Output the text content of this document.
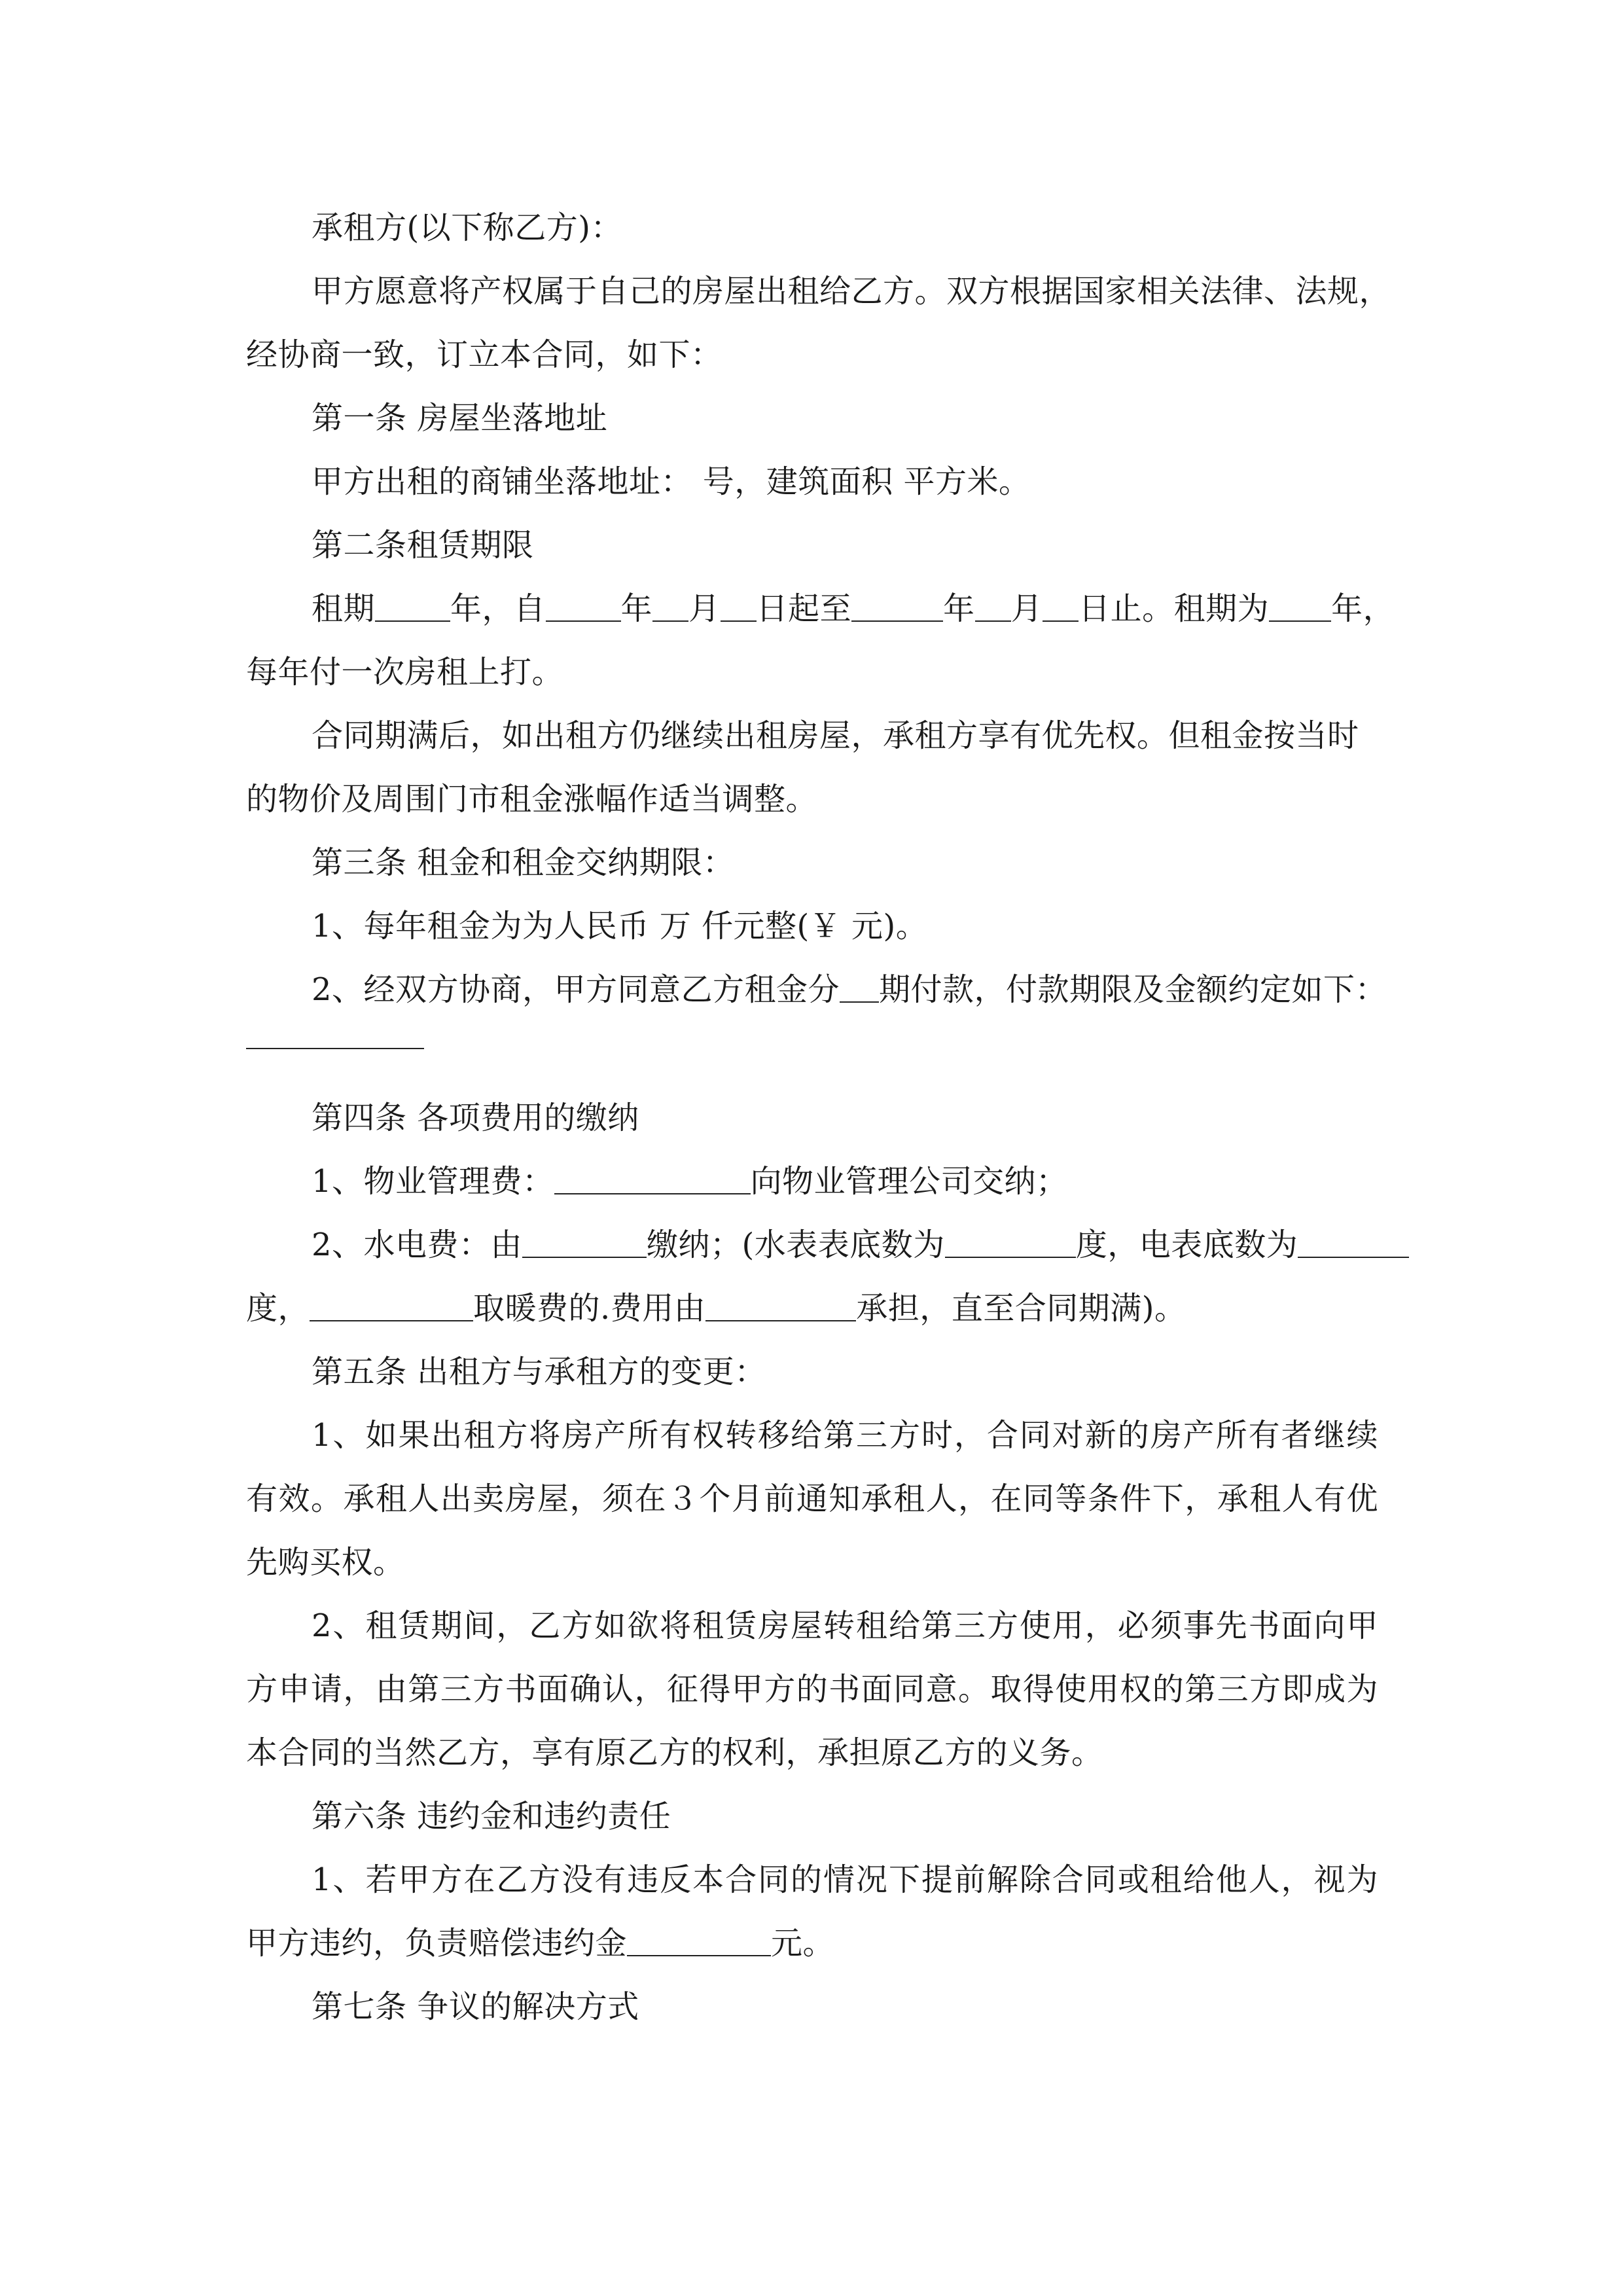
承租方(以下称乙方)：

甲方愿意将产权属于自己的房屋出租给乙方。双方根据国家相关法律、法规，

经协商一致，订立本合同，如下：

第一条 房屋坐落地址

甲方出租的商铺坐落地址： 号，建筑面积 平方米。

第二条租赁期限

租期 年，自 年 月 日起至	年 月 日止。租期为 年，

每年付一次房租上打。

合同期满后，如出租方仍继续出租房屋，承租方享有优先权。但租金按当时

的物价及周围门市租金涨幅作适当调整。

第三条 租金和租金交纳期限：

1、每年租金为为人民币 万 仟元整(￥ 元)。

2、经双方协商，甲方同意乙方租金分 期付款，付款期限及金额约定如下：

第四条 各项费用的缴纳

1、物业管理费：	向物业管理公司交纳；

2、水电费：由	缴纳；(水表表底数为	度，电表底数为

度，	取暖费的.费用由	承担，直至合同期满)。

第五条 出租方与承租方的变更：

1、如果出租方将房产所有权转移给第三方时，合同对新的房产所有者继续有效。承租人出卖房屋，须在３个月前通知承租人，在同等条件下，承租人有优先购买权。

2、租赁期间，乙方如欲将租赁房屋转租给第三方使用，必须事先书面向甲方申请，由第三方书面确认，征得甲方的书面同意。取得使用权的第三方即成为本合同的当然乙方，享有原乙方的权利，承担原乙方的义务。

第六条 违约金和违约责任

1、若甲方在乙方没有违反本合同的情况下提前解除合同或租给他人，视为甲方违约，负责赔偿违约金	元。

第七条 争议的解决方式
